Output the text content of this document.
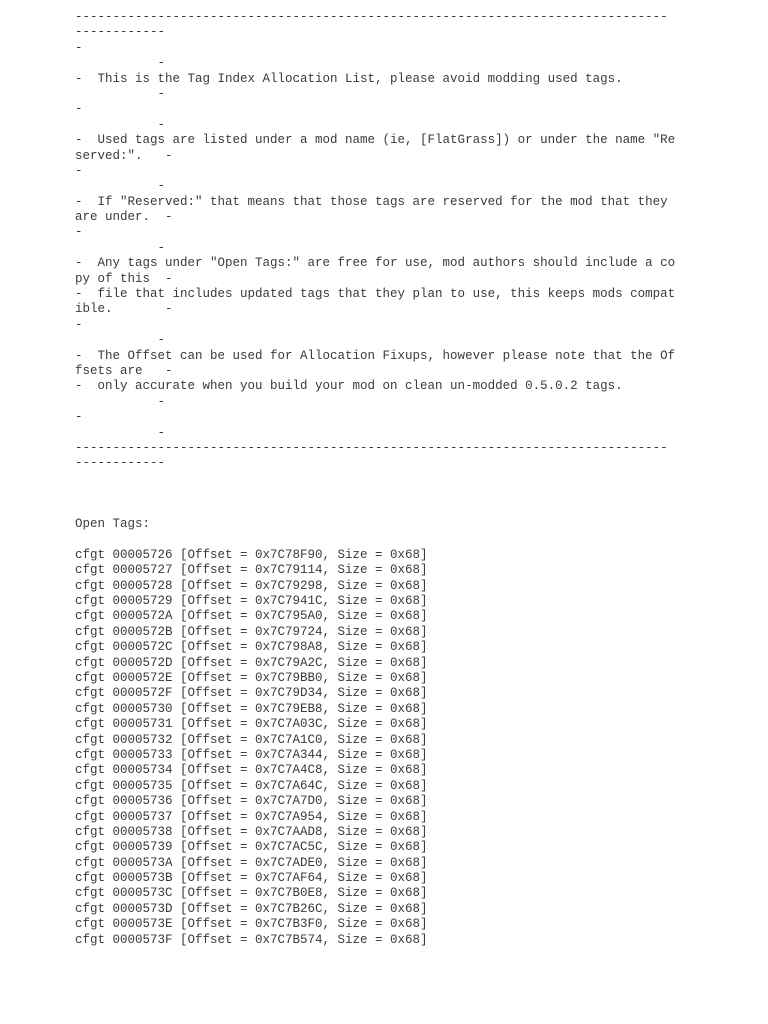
-------------------------------------------------------------------------------
------------
-
-
-  This is the Tag Index Allocation List, please avoid modding used tags.
-
-
-
-  Used tags are listed under a mod name (ie, [FlatGrass]) or under the name "Re
served:".   -
-
-
-  If "Reserved:" that means that those tags are reserved for the mod that they
are under.  -
-
-
-  Any tags under "Open Tags:" are free for use, mod authors should include a co
py of this  -
-  file that includes updated tags that they plan to use, this keeps mods compat
ible.       -
-
-
-  The Offset can be used for Allocation Fixups, however please note that the Of
fsets are   -
-  only accurate when you build your mod on clean un-modded 0.5.0.2 tags.
-
-
-
-------------------------------------------------------------------------------
------------
Open Tags:
cfgt 00005726 [Offset = 0x7C78F90, Size = 0x68]
cfgt 00005727 [Offset = 0x7C79114, Size = 0x68]
cfgt 00005728 [Offset = 0x7C79298, Size = 0x68]
cfgt 00005729 [Offset = 0x7C7941C, Size = 0x68]
cfgt 0000572A [Offset = 0x7C795A0, Size = 0x68]
cfgt 0000572B [Offset = 0x7C79724, Size = 0x68]
cfgt 0000572C [Offset = 0x7C798A8, Size = 0x68]
cfgt 0000572D [Offset = 0x7C79A2C, Size = 0x68]
cfgt 0000572E [Offset = 0x7C79BB0, Size = 0x68]
cfgt 0000572F [Offset = 0x7C79D34, Size = 0x68]
cfgt 00005730 [Offset = 0x7C79EB8, Size = 0x68]
cfgt 00005731 [Offset = 0x7C7A03C, Size = 0x68]
cfgt 00005732 [Offset = 0x7C7A1C0, Size = 0x68]
cfgt 00005733 [Offset = 0x7C7A344, Size = 0x68]
cfgt 00005734 [Offset = 0x7C7A4C8, Size = 0x68]
cfgt 00005735 [Offset = 0x7C7A64C, Size = 0x68]
cfgt 00005736 [Offset = 0x7C7A7D0, Size = 0x68]
cfgt 00005737 [Offset = 0x7C7A954, Size = 0x68]
cfgt 00005738 [Offset = 0x7C7AAD8, Size = 0x68]
cfgt 00005739 [Offset = 0x7C7AC5C, Size = 0x68]
cfgt 0000573A [Offset = 0x7C7ADE0, Size = 0x68]
cfgt 0000573B [Offset = 0x7C7AF64, Size = 0x68]
cfgt 0000573C [Offset = 0x7C7B0E8, Size = 0x68]
cfgt 0000573D [Offset = 0x7C7B26C, Size = 0x68]
cfgt 0000573E [Offset = 0x7C7B3F0, Size = 0x68]
cfgt 0000573F [Offset = 0x7C7B574, Size = 0x68]
